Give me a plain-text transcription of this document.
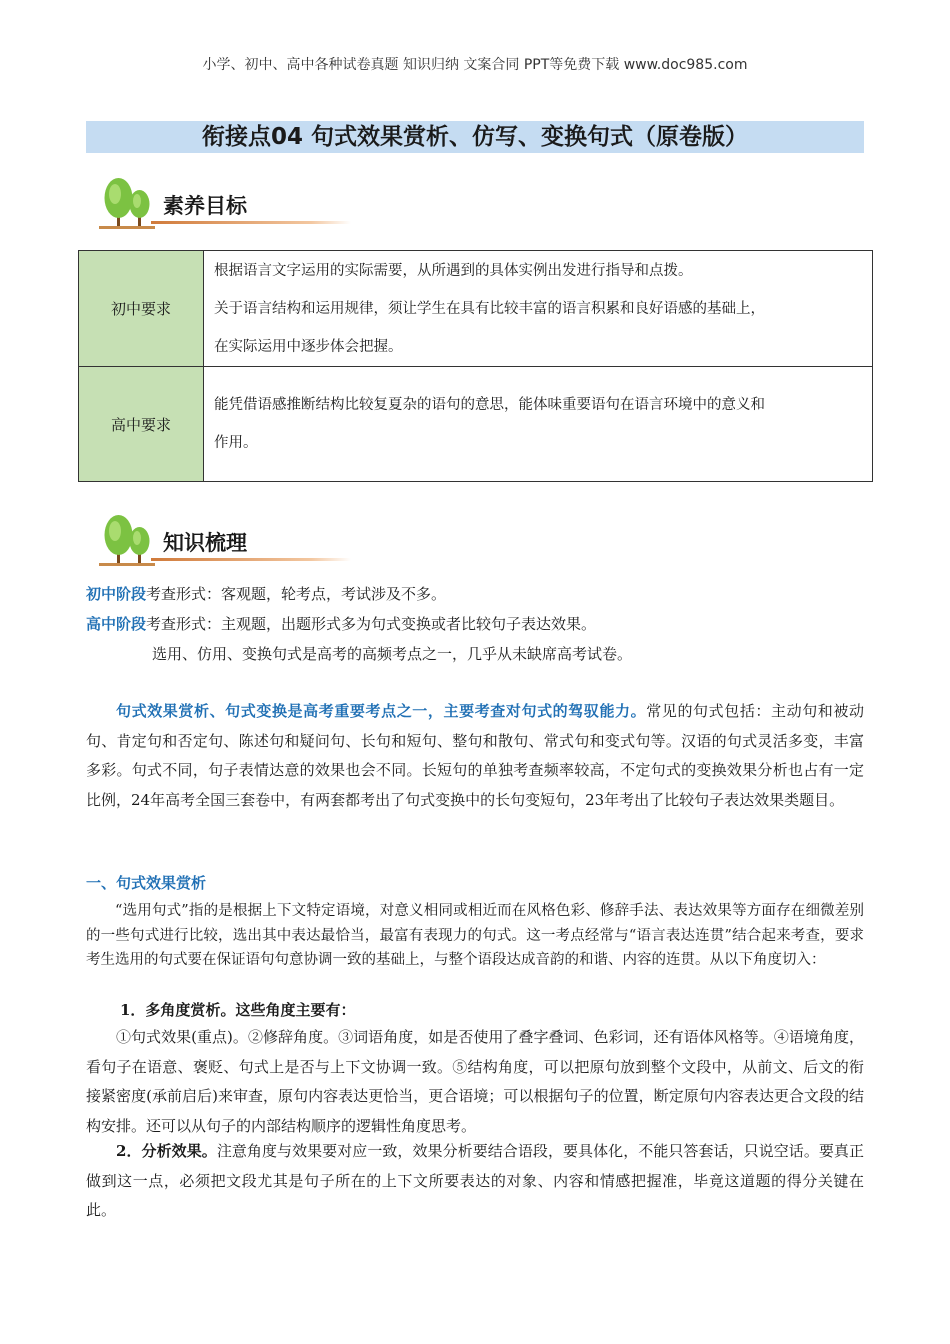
小学、初中、高中各种试卷真题 知识归纳 文案合同 PPT等免费下载 www.doc985.com
衔接点04 句式效果赏析、仿写、变换句式（原卷版）
素养目标
初中要求	根据语言文字运用的实际需要，从所遇到的具体实例出发进行指导和点拨。
关于语言结构和运用规律，须让学生在具有比较丰富的语言积累和良好语感的基础上，
在实际运用中逐步体会把握。

高中要求	能凭借语感推断结构比较复夏杂的语句的意思，能体味重要语句在语言环境中的意义和
作用。
知识梳理
初中阶段考查形式：客观题，轮考点，考试涉及不多。
高中阶段考查形式：主观题，出题形式多为句式变换或者比较句子表达效果。
选用、仿用、变换句式是高考的高频考点之一，几乎从未缺席高考试卷。
句式效果赏析、句式变换是高考重要考点之一，主要考查对句式的驾驭能力。常见的句式包括：主动句和被动句、肯定句和否定句、陈述句和疑问句、长句和短句、整句和散句、常式句和变式句等。汉语的句式灵活多变，丰富多彩。句式不同，句子表情达意的效果也会不同。长短句的单独考查频率较高，不定句式的变换效果分析也占有一定比例，24年高考全国三套卷中，有两套都考出了句式变换中的长句变短句，23年考出了比较句子表达效果类题目。
一、句式效果赏析
“选用句式”指的是根据上下文特定语境，对意义相同或相近而在风格色彩、修辞手法、表达效果等方面存在细微差别的一些句式进行比较，选出其中表达最恰当，最富有表现力的句式。这一考点经常与“语言表达连贯”结合起来考查，要求考生选用的句式要在保证语句句意协调一致的基础上，与整个语段达成音韵的和谐、内容的连贯。从以下角度切入：
1．多角度赏析。这些角度主要有：
①句式效果(重点)。②修辞角度。③词语角度，如是否使用了叠字叠词、色彩词，还有语体风格等。④语境角度，看句子在语意、褒贬、句式上是否与上下文协调一致。⑤结构角度，可以把原句放到整个文段中，从前文、后文的衔接紧密度(承前启后)来审查，原句内容表达更恰当，更合语境；可以根据句子的位置，断定原句内容表达更合文段的结构安排。还可以从句子的内部结构顺序的逻辑性角度思考。
2．分析效果。注意角度与效果要对应一致，效果分析要结合语段，要具体化，不能只答套话，只说空话。要真正做到这一点，必须把文段尤其是句子所在的上下文所要表达的对象、内容和情感把握准，毕竟这道题的得分关键在此。
